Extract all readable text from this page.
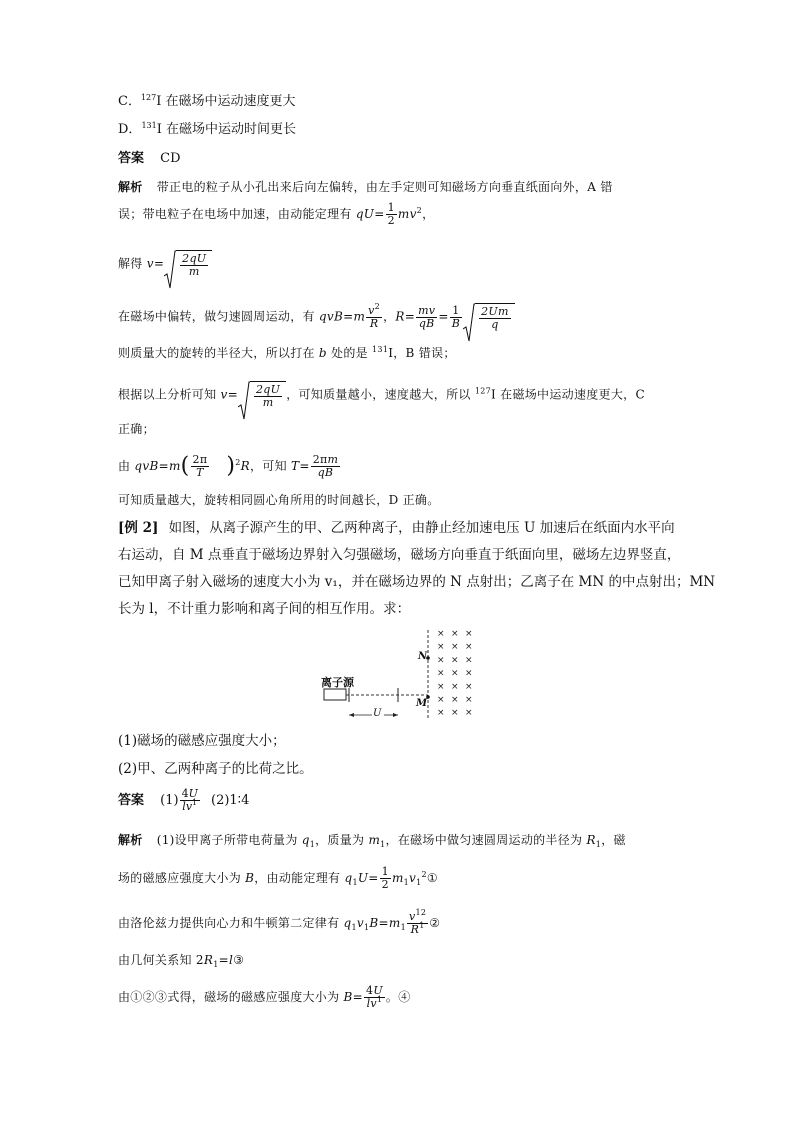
C．$^{127}$I 在磁场中运动速度更大
D．$^{131}$I 在磁场中运动时间更长
答案 CD
解析 带正电的粒子从小孔出来后向左偏转，由左手定则可知磁场方向垂直纸面向外，A 错
误；带电粒子在电场中加速，由动能定理有 $qU= \frac{1}{2} mv^2$，
解得 $v= \frac{2qU}{m}$
在磁场中偏转，做匀速圆周运动，有 $qvB=m \frac{v^2}{R}$ ，$R= \frac{mv}{qB} = \frac{1}{B} \frac{2Um}{q}$
则质量大的旋转的半径大，所以打在 b 处的是 $^{131}$I，B 错误；
根据以上分析可知 $v= \frac{2qU}{m}$ ，可知质量越小，速度越大，所以 $^{127}$I 在磁场中运动速度更大，C
正确；
由 $qvB=m( \frac{2\pi}{T} )^2R$，可知 $T= \frac{2\pi m}{qB}$
可知质量越大，旋转相同圆心角所用的时间越长，D 正确。
[例 2] 如图，从离子源产生的甲、乙两种离子，由静止经加速电压 U 加速后在纸面内水平向
右运动，自 M 点垂直于磁场边界射入匀强磁场，磁场方向垂直于纸面向里，磁场左边界竖直，
已知甲离子射入磁场的速度大小为 v₁，并在磁场边界的 N 点射出；乙离子在 MN 的中点射出；MN
长为 l，不计重力影响和离子间的相互作用。求：
× × ×
× × ×
× × ×
× × ×
× × ×
× × ×
× × ×
离子源
U
N
M
(1)磁场的磁感应强度大小；
(2)甲、乙两种离子的比荷之比。
答案 $(1) \frac{4U}{lv^1}$ (2)1∶4
解析 (1)设甲离子所带电荷量为 $q_1$，质量为 $m_1$，在磁场中做匀速圆周运动的半径为 $R_1$，磁
场的磁感应强度大小为 B，由动能定理有 $q_1U= \frac{1}{2}$ $m_1v_1^2①$
由洛伦兹力提供向心力和牛顿第二定律有 $q_1v_1B=m_1 \frac{v^{12}}{R^1}$ ②
由几何关系知 $2R_1=l③$
由①②③式得，磁场的磁感应强度大小为 $B= \frac{4U}{lv^1}$ 。④
